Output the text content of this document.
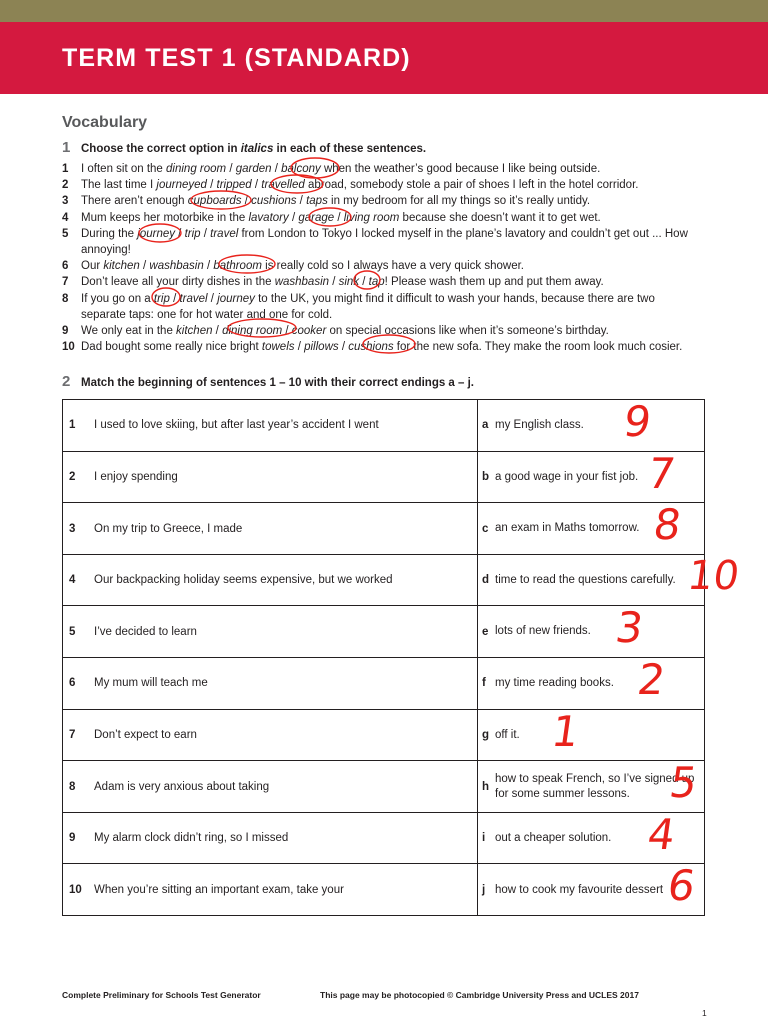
TERM TEST 1 (STANDARD)
Vocabulary
1 Choose the correct option in italics in each of these sentences.
1 I often sit on the dining room / garden / balcony when the weather’s good because I like being outside.
2 The last time I journeyed / tripped / travelled abroad, somebody stole a pair of shoes I left in the hotel corridor.
3 There aren’t enough cupboards / cushions / taps in my bedroom for all my things so it’s really untidy.
4 Mum keeps her motorbike in the lavatory / garage / living room because she doesn’t want it to get wet.
5 During the journey / trip / travel from London to Tokyo I locked myself in the plane’s lavatory and couldn’t get out ... How annoying!
6 Our kitchen / washbasin / bathroom is really cold so I always have a very quick shower.
7 Don’t leave all your dirty dishes in the washbasin / sink / tap! Please wash them up and put them away.
8 If you go on a trip / travel / journey to the UK, you might find it difficult to wash your hands, because there are two separate taps: one for hot water and one for cold.
9 We only eat in the kitchen / dining room / cooker on special occasions like when it’s someone’s birthday.
10 Dad bought some really nice bright towels / pillows / cushions for the new sofa. They make the room look much cosier.
2 Match the beginning of sentences 1 – 10 with their correct endings a – j.
1	I used to love skiing, but after last year’s accident I went	a my English class.
2	I enjoy spending	b a good wage in your fist job.
3	On my trip to Greece, I made	c an exam in Maths tomorrow.
4	Our backpacking holiday seems expensive, but we worked	d time to read the questions carefully.
5	I’ve decided to learn	e lots of new friends.
6	My mum will teach me	f my time reading books.
7	Don’t expect to earn	g off it.
8	Adam is very anxious about taking	h
how to speak French, so I’ve signed up for some summer lessons.
9	My alarm clock didn’t ring, so I missed	i out a cheaper solution.
10	When you’re sitting an important exam, take your	j how to cook my favourite dessert
9
7
8
10
3
2
1
5
4
6
Complete Preliminary for Schools Test Generator	This page may be photocopied © Cambridge University Press and UCLES 2017
1
